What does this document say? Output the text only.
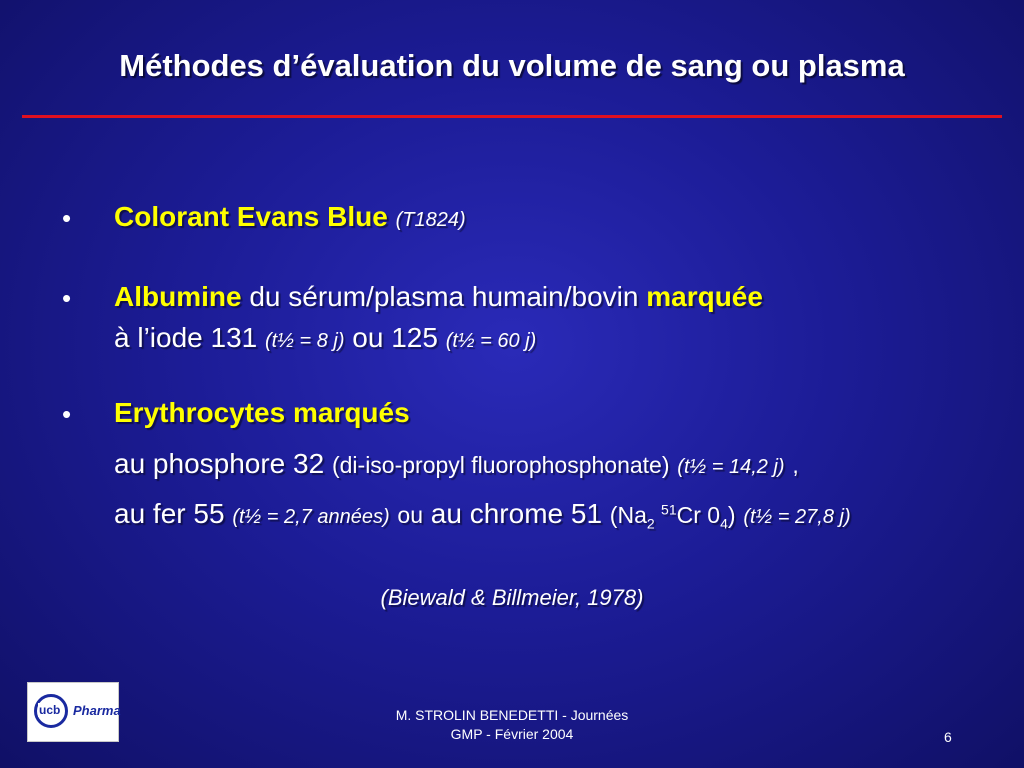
Méthodes d’évaluation du volume de sang ou plasma
• Colorant Evans Blue (T1824)
• Albumine du sérum/plasma humain/bovin marquée
à l’iode 131 (t½ = 8 j) ou 125 (t½ = 60 j)
• Erythrocytes marqués
au phosphore 32 (di-iso-propyl fluorophosphonate) (t½ = 14,2 j) ,
au fer 55 (t½ = 2,7 années) ou au chrome 51 ($Na_2$ $^{51}$Cr $0_4$) (t½ = 27,8 j)
(Biewald & Billmeier, 1978)
ucb Pharma	M. STROLIN BENEDETTI - Journées
GMP - Février 2004	6
